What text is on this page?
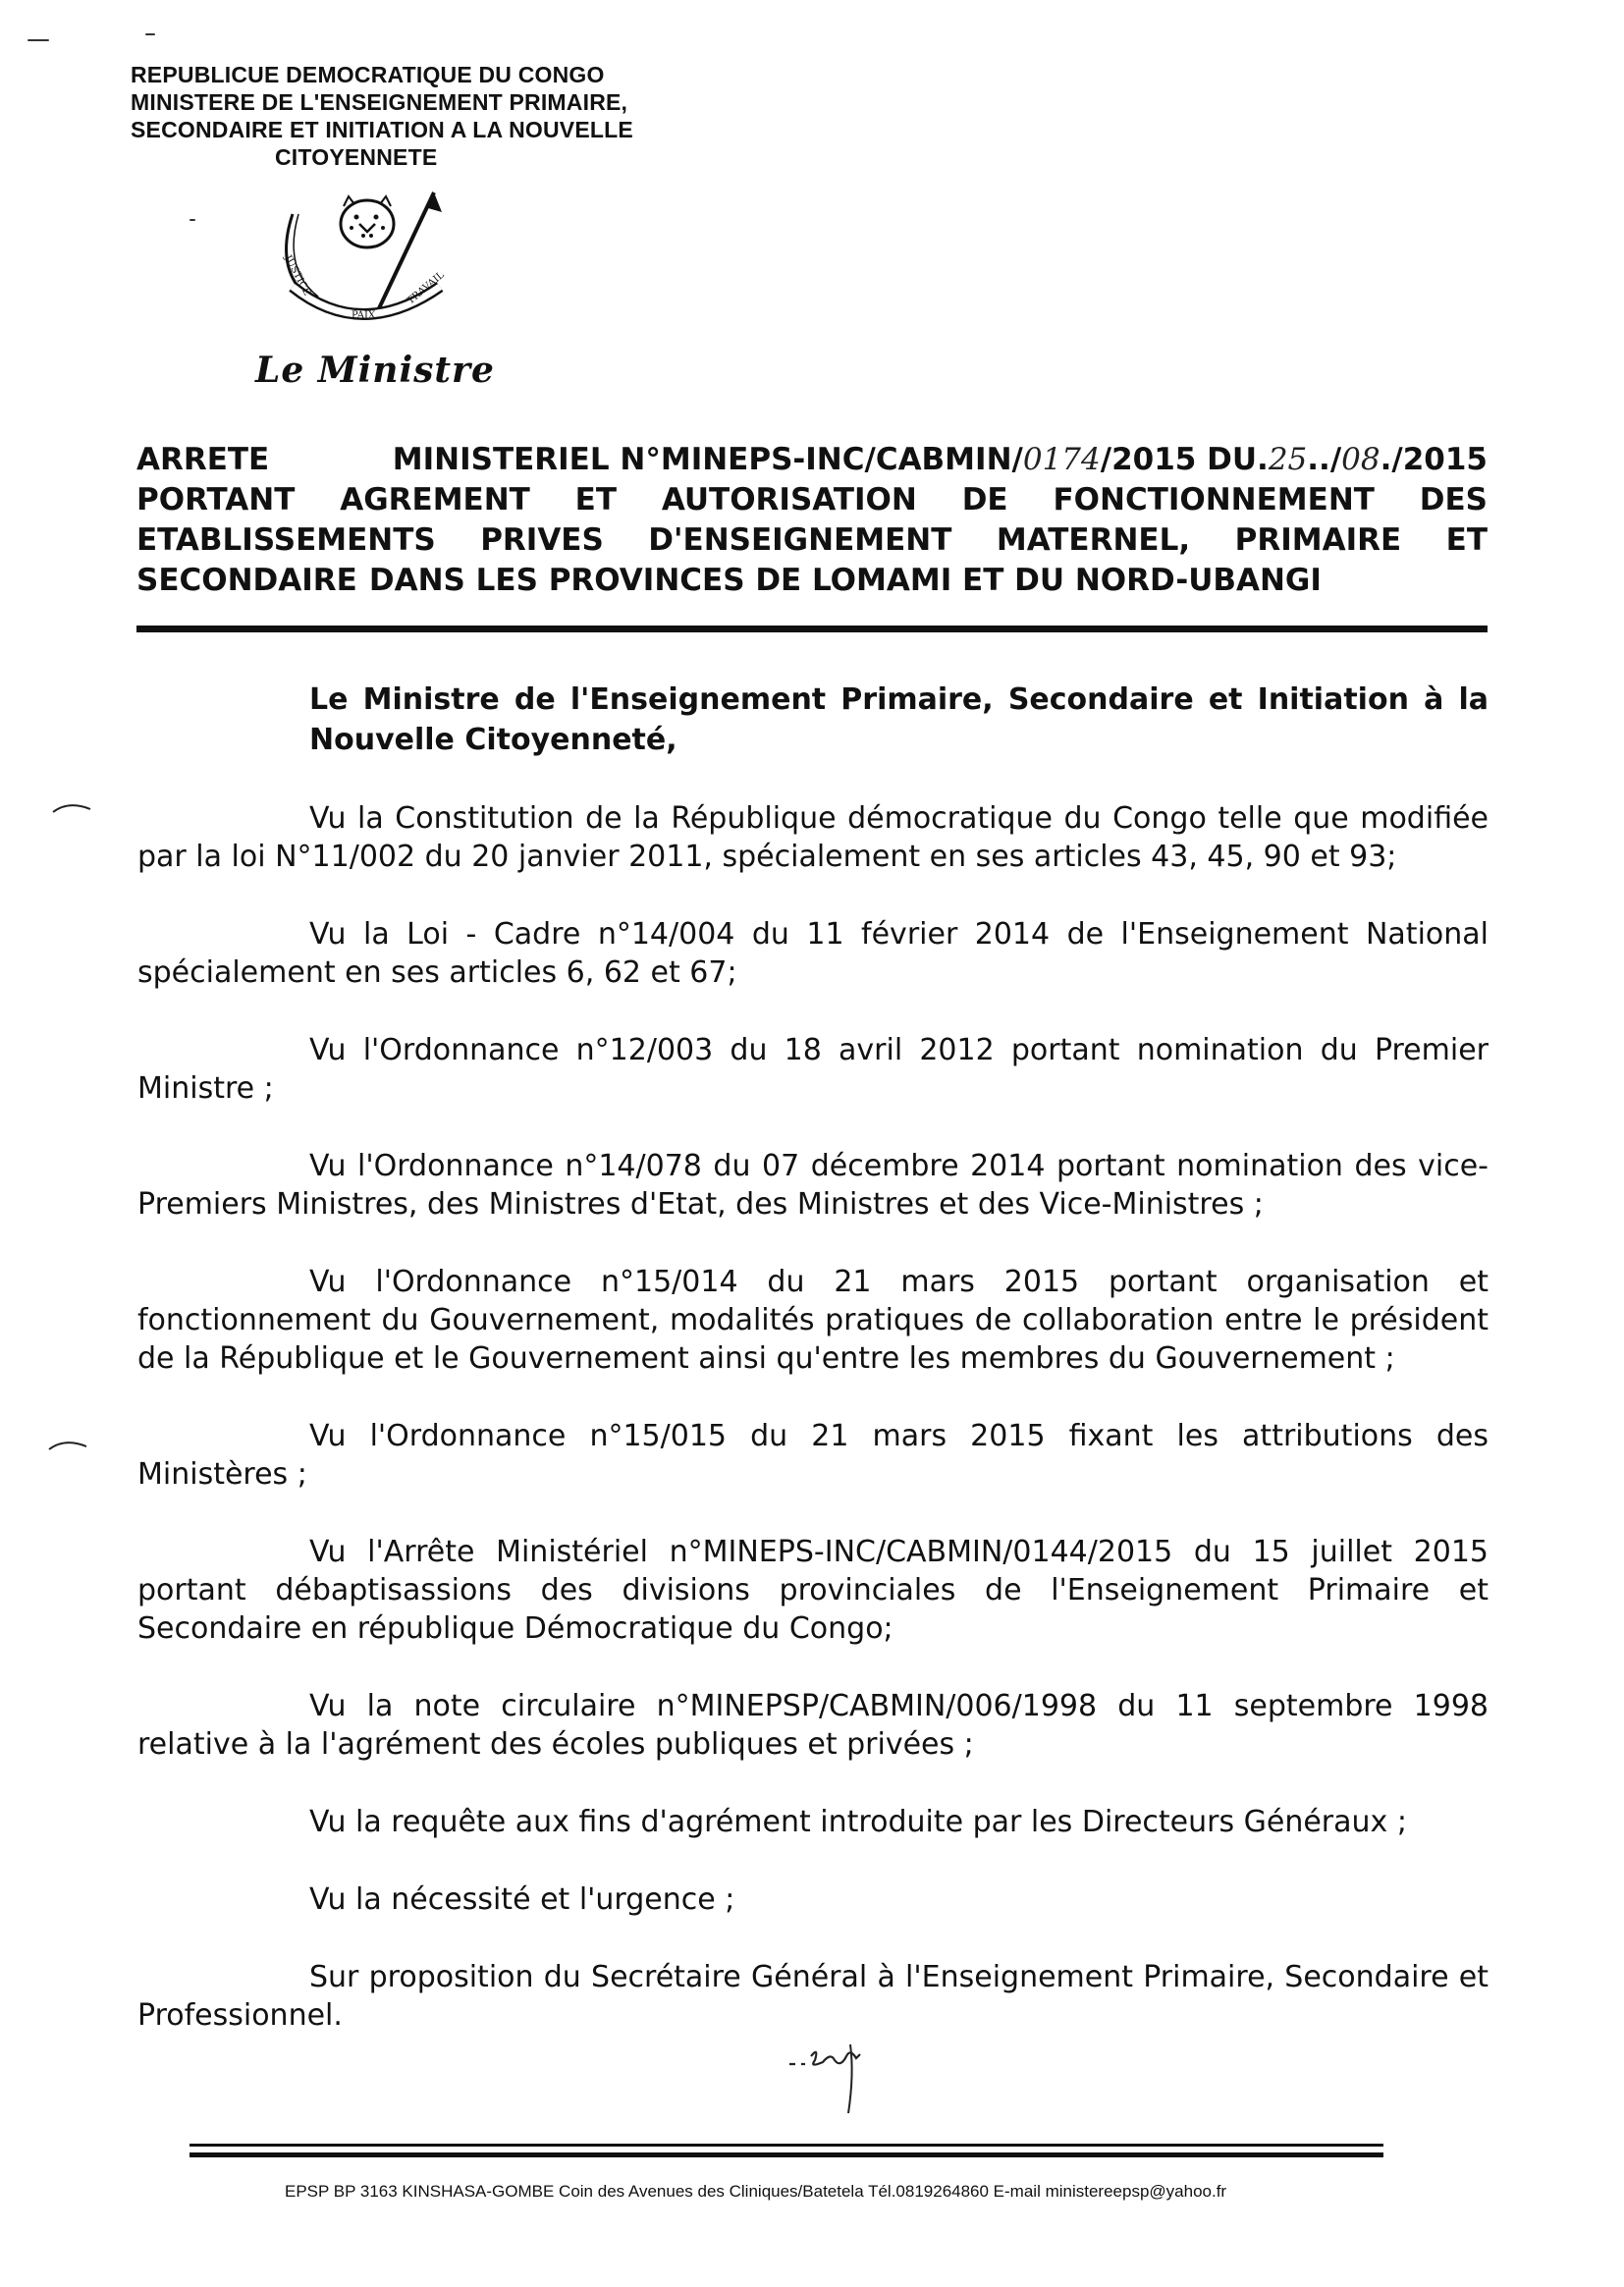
REPUBLICUE DEMOCRATIQUE DU CONGO
MINISTERE DE L'ENSEIGNEMENT PRIMAIRE,
SECONDAIRE ET INITIATION A LA NOUVELLE
CITOYENNETE
JUSTICE
PAIX
TRAVAIL
Le Ministre
ARRETE	MINISTERIEL N°MINEPS-INC/CABMIN/0174/2015 DU.25../08./2015
PORTANT AGREMENT ET AUTORISATION DE FONCTIONNEMENT DES
ETABLISSEMENTS PRIVES D'ENSEIGNEMENT MATERNEL, PRIMAIRE ET
SECONDAIRE DANS LES PROVINCES DE LOMAMI ET DU NORD-UBANGI
Le Ministre de l'Enseignement Primaire, Secondaire et Initiation à la Nouvelle Citoyenneté,

Vu la Constitution de la République démocratique du Congo telle que modifiée par la loi N°11/002 du 20 janvier 2011, spécialement en ses articles 43, 45, 90 et 93;

Vu la Loi - Cadre n°14/004 du 11 février 2014 de l'Enseignement National spécialement en ses articles 6, 62 et 67;

Vu l'Ordonnance n°12/003 du 18 avril 2012 portant nomination du Premier Ministre ;

Vu l'Ordonnance n°14/078 du 07 décembre 2014 portant nomination des vice-Premiers Ministres, des Ministres d'Etat, des Ministres et des Vice-Ministres ;

Vu l'Ordonnance n°15/014 du 21 mars 2015 portant organisation et fonctionnement du Gouvernement, modalités pratiques de collaboration entre le président de la République et le Gouvernement ainsi qu'entre les membres du Gouvernement ;

Vu l'Ordonnance n°15/015 du 21 mars 2015 fixant les attributions des Ministères ;

Vu l'Arrête Ministériel n°MINEPS-INC/CABMIN/0144/2015 du 15 juillet 2015 portant débaptisassions des divisions provinciales de l'Enseignement Primaire et Secondaire en république Démocratique du Congo;

Vu la note circulaire n°MINEPSP/CABMIN/006/1998 du 11 septembre 1998 relative à la l'agrément des écoles publiques et privées ;

Vu la requête aux fins d'agrément introduite par les Directeurs Généraux ;

Vu la nécessité et l'urgence ;

Sur proposition du Secrétaire Général à l'Enseignement Primaire, Secondaire et Professionnel.

EPSP BP 3163 KINSHASA-GOMBE Coin des Avenues des Cliniques/Batetela Tél.0819264860 E-mail ministereepsp@yahoo.fr
